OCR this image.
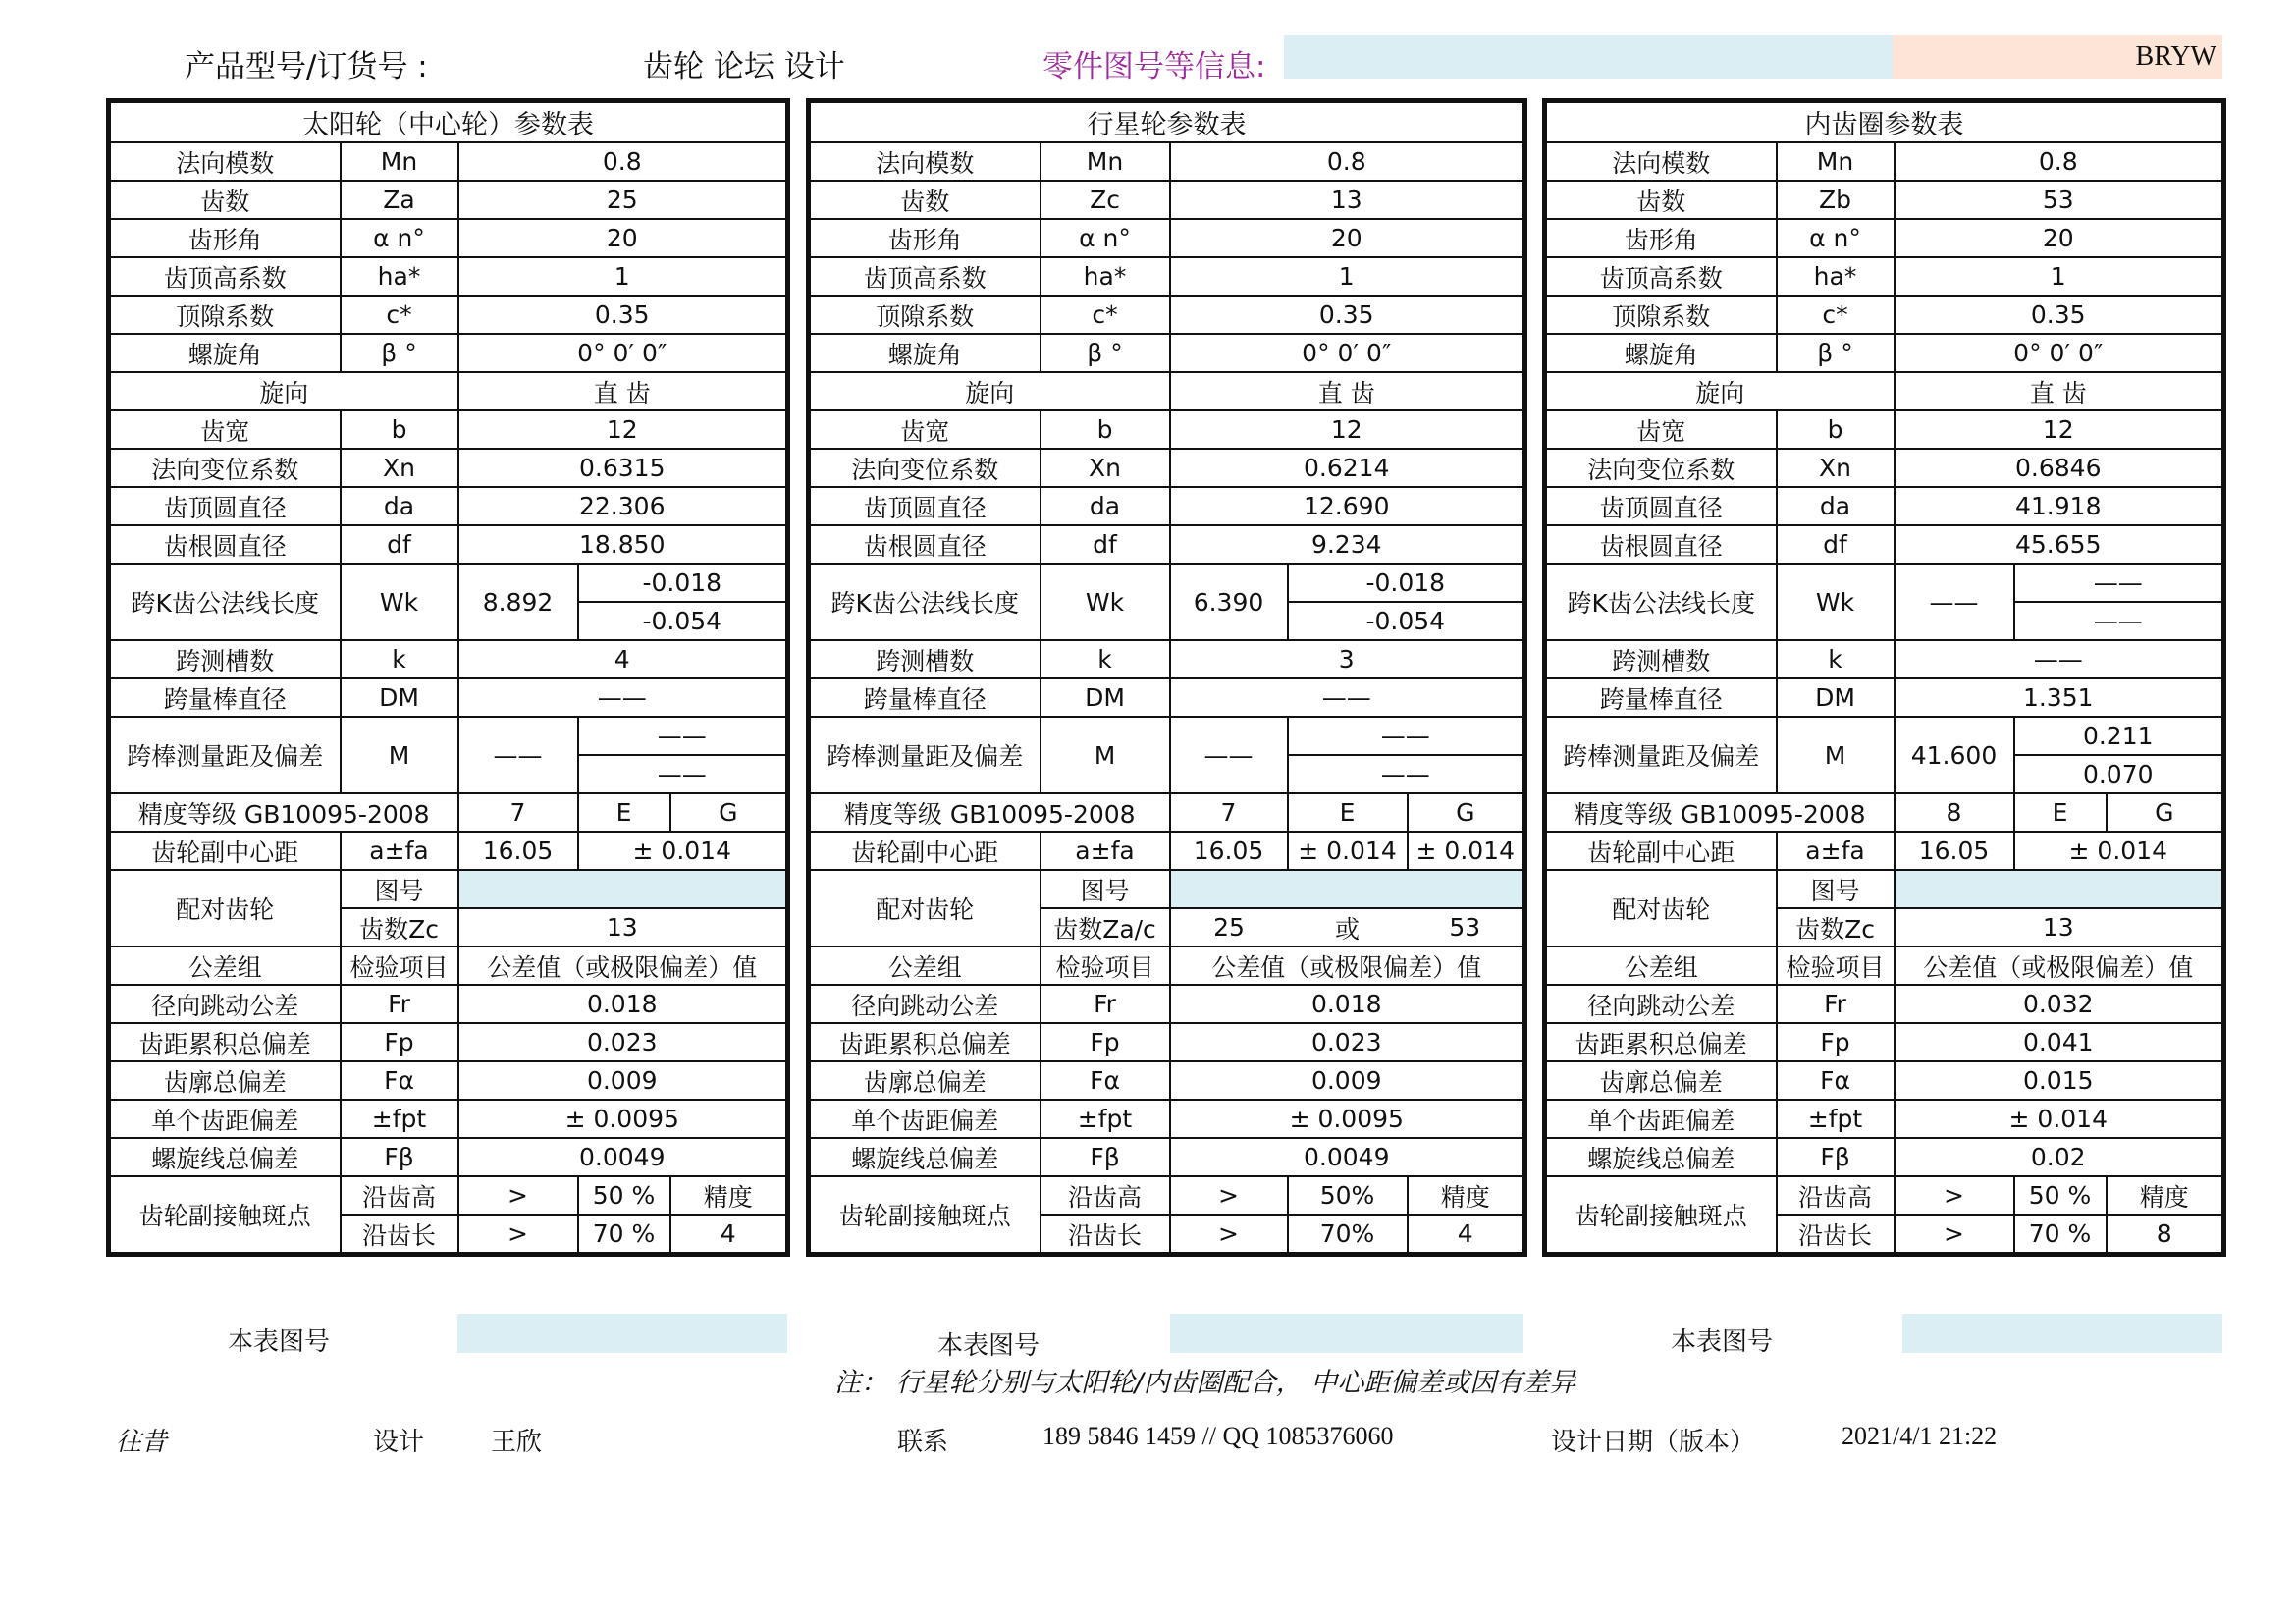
产品型号/订货号 :	齿轮 论坛 设计	零件图号等信息:	BRYW
太阳轮（中心轮）参数表				
法向模数	Mn	0.8		
齿数	Za	25		
齿形角	α n°	20		
齿顶高系数	ha*	1		
顶隙系数	c*	0.35		
螺旋角	β °	0° 0′ 0″		
旋向		直 齿		
齿宽	b	12		
法向变位系数	Xn	0.6315		
齿顶圆直径	da	22.306		
齿根圆直径	df	18.850		
跨K齿公法线长度	Wk	8.892	-0.018	
			-0.054	
跨测槽数	k	4		
跨量棒直径	DM	——		
跨棒测量距及偏差	M	——	——	
			——	
精度等级 GB10095-2008		7	E	G
齿轮副中心距	a±fa	16.05	± 0.014	
配对齿轮	图号			
	齿数Zc	13		
公差组	检验项目	公差值（或极限偏差）值		
径向跳动公差	Fr	0.018		
齿距累积总偏差	Fp	0.023		
齿廓总偏差	Fα	0.009		
单个齿距偏差	±fpt	± 0.0095		
螺旋线总偏差	Fβ	0.0049		
齿轮副接触斑点	沿齿高	>	50 %	精度
	沿齿长	>	70 %	4
行星轮参数表				
法向模数	Mn	0.8		
齿数	Zc	13		
齿形角	α n°	20		
齿顶高系数	ha*	1		
顶隙系数	c*	0.35		
螺旋角	β °	0° 0′ 0″		
旋向		直 齿		
齿宽	b	12		
法向变位系数	Xn	0.6214		
齿顶圆直径	da	12.690		
齿根圆直径	df	9.234		
跨K齿公法线长度	Wk	6.390	-0.018	
			-0.054	
跨测槽数	k	3		
跨量棒直径	DM	——		
跨棒测量距及偏差	M	——	——	
			——	
精度等级 GB10095-2008		7	E	G
齿轮副中心距	a±fa	16.05	± 0.014	± 0.014
配对齿轮	图号			
	齿数Za/c	25	或	53
公差组	检验项目	公差值（或极限偏差）值		
径向跳动公差	Fr	0.018		
齿距累积总偏差	Fp	0.023		
齿廓总偏差	Fα	0.009		
单个齿距偏差	±fpt	± 0.0095		
螺旋线总偏差	Fβ	0.0049		
齿轮副接触斑点	沿齿高	>	50%	精度
	沿齿长	>	70%	4
内齿圈参数表				
法向模数	Mn	0.8		
齿数	Zb	53		
齿形角	α n°	20		
齿顶高系数	ha*	1		
顶隙系数	c*	0.35		
螺旋角	β °	0° 0′ 0″		
旋向		直 齿		
齿宽	b	12		
法向变位系数	Xn	0.6846		
齿顶圆直径	da	41.918		
齿根圆直径	df	45.655		
跨K齿公法线长度	Wk	——	——	
			——	
跨测槽数	k	——		
跨量棒直径	DM	1.351		
跨棒测量距及偏差	M	41.600	0.211	
			0.070	
精度等级 GB10095-2008		8	E	G
齿轮副中心距	a±fa	16.05	± 0.014	
配对齿轮	图号			
	齿数Zc	13		
公差组	检验项目	公差值（或极限偏差）值		
径向跳动公差	Fr	0.032		
齿距累积总偏差	Fp	0.041		
齿廓总偏差	Fα	0.015		
单个齿距偏差	±fpt	± 0.014		
螺旋线总偏差	Fβ	0.02		
齿轮副接触斑点	沿齿高	>	50 %	精度
	沿齿长	>	70 %	8
本表图号	本表图号	本表图号
注： 行星轮分别与太阳轮/内齿圈配合， 中心距偏差或因有差异
往昔	设计	王欣	联系	189 5846 1459 // QQ 1085376060	设计日期（版本）	2021/4/1 21:22
